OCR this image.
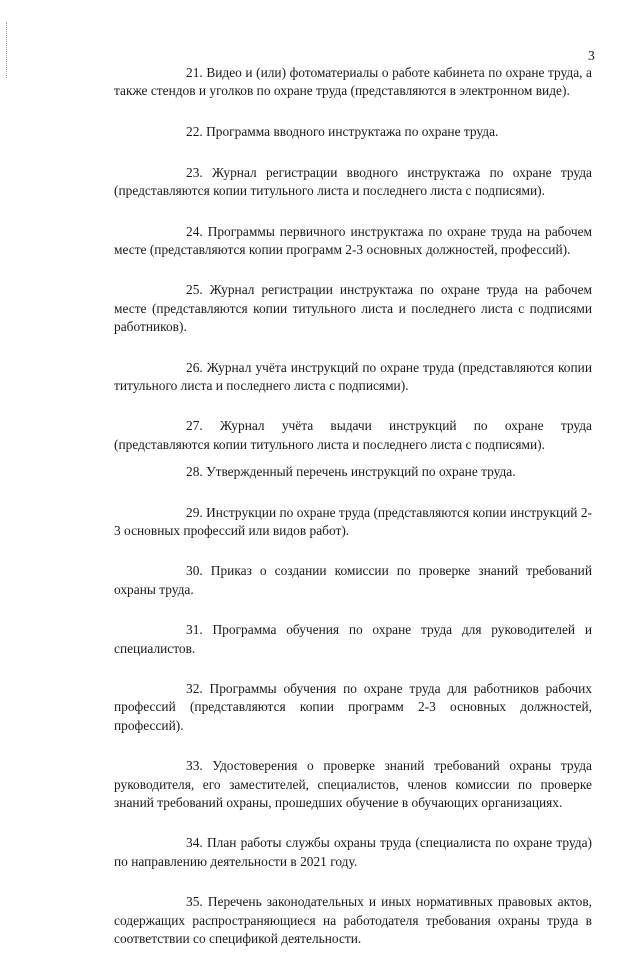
3

21. Видео и (или) фотоматериалы о работе кабинета по охране труда, а также стендов и уголков по охране труда (представляются в электронном виде).

22. Программа вводного инструктажа по охране труда.

23. Журнал регистрации вводного инструктажа по охране труда (представляются копии титульного листа и последнего листа с подписями).

24. Программы первичного инструктажа по охране труда на рабочем месте (представляются копии программ 2-3 основных должностей, профессий).

25. Журнал регистрации инструктажа по охране труда на рабочем месте (представляются копии титульного листа и последнего листа с подписями работников).

26. Журнал учёта инструкций по охране труда (представляются копии титульного листа и последнего листа с подписями).

27. Журнал учёта выдачи инструкций по охране труда (представляются копии титульного листа и последнего листа с подписями).

28. Утвержденный перечень инструкций по охране труда.

29. Инструкции по охране труда (представляются копии инструкций 2-3 основных профессий или видов работ).

30. Приказ о создании комиссии по проверке знаний требований охраны труда.

31. Программа обучения по охране труда для руководителей и специалистов.

32. Программы обучения по охране труда для работников рабочих профессий (представляются копии программ 2-3 основных должностей, профессий).

33. Удостоверения о проверке знаний требований охраны труда руководителя, его заместителей, специалистов, членов комиссии по проверке знаний требований охраны, прошедших обучение в обучающих организациях.

34. План работы службы охраны труда (специалиста по охране труда) по направлению деятельности в 2021 году.

35. Перечень законодательных и иных нормативных правовых актов, содержащих распространяющиеся на работодателя требования охраны труда в соответствии со спецификой деятельности.
